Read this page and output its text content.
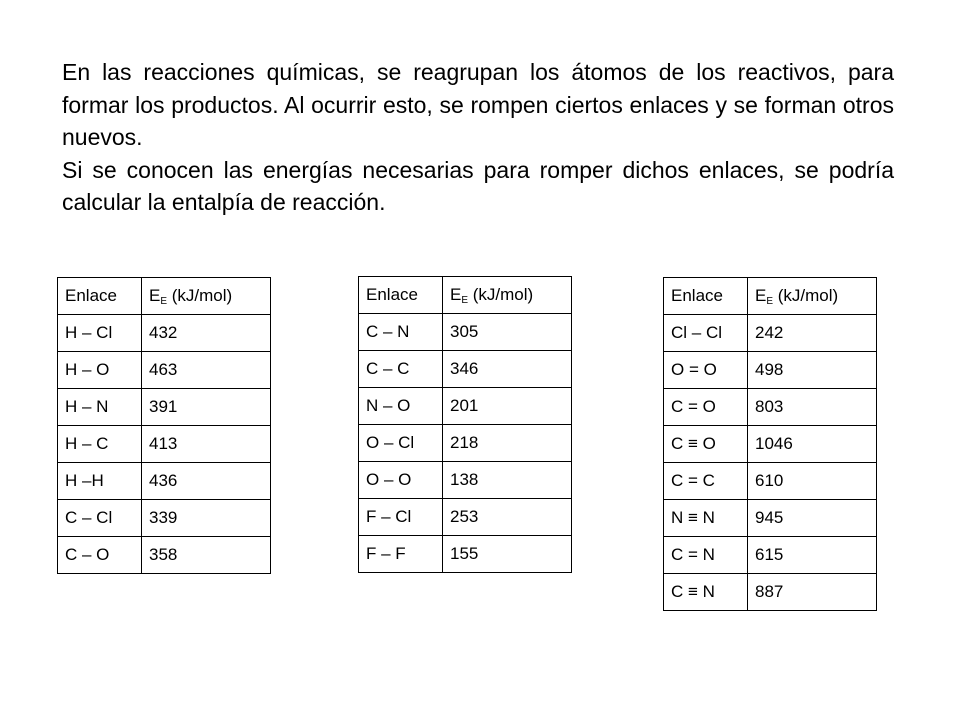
En las reacciones químicas, se reagrupan los átomos de los reactivos, para formar los productos. Al ocurrir esto, se rompen ciertos enlaces y se forman otros nuevos.

Si se conocen las energías necesarias para romper dichos enlaces, se podría calcular la entalpía de reacción.

Enlace	$E_E$ (kJ/mol)
H – Cl	432
H – O	463
H – N	391
H – C	413
H –H	436
C – Cl	339
C – O	358
Enlace	$E_E$ (kJ/mol)
C – N	305
C – C	346
N – O	201
O – Cl	218
O – O	138
F – Cl	253
F – F	155
Enlace	$E_E$ (kJ/mol)
Cl – Cl	242
O = O	498
C = O	803
C ≡ O	1046
C = C	610
N ≡ N	945
C = N	615
C ≡ N	887
